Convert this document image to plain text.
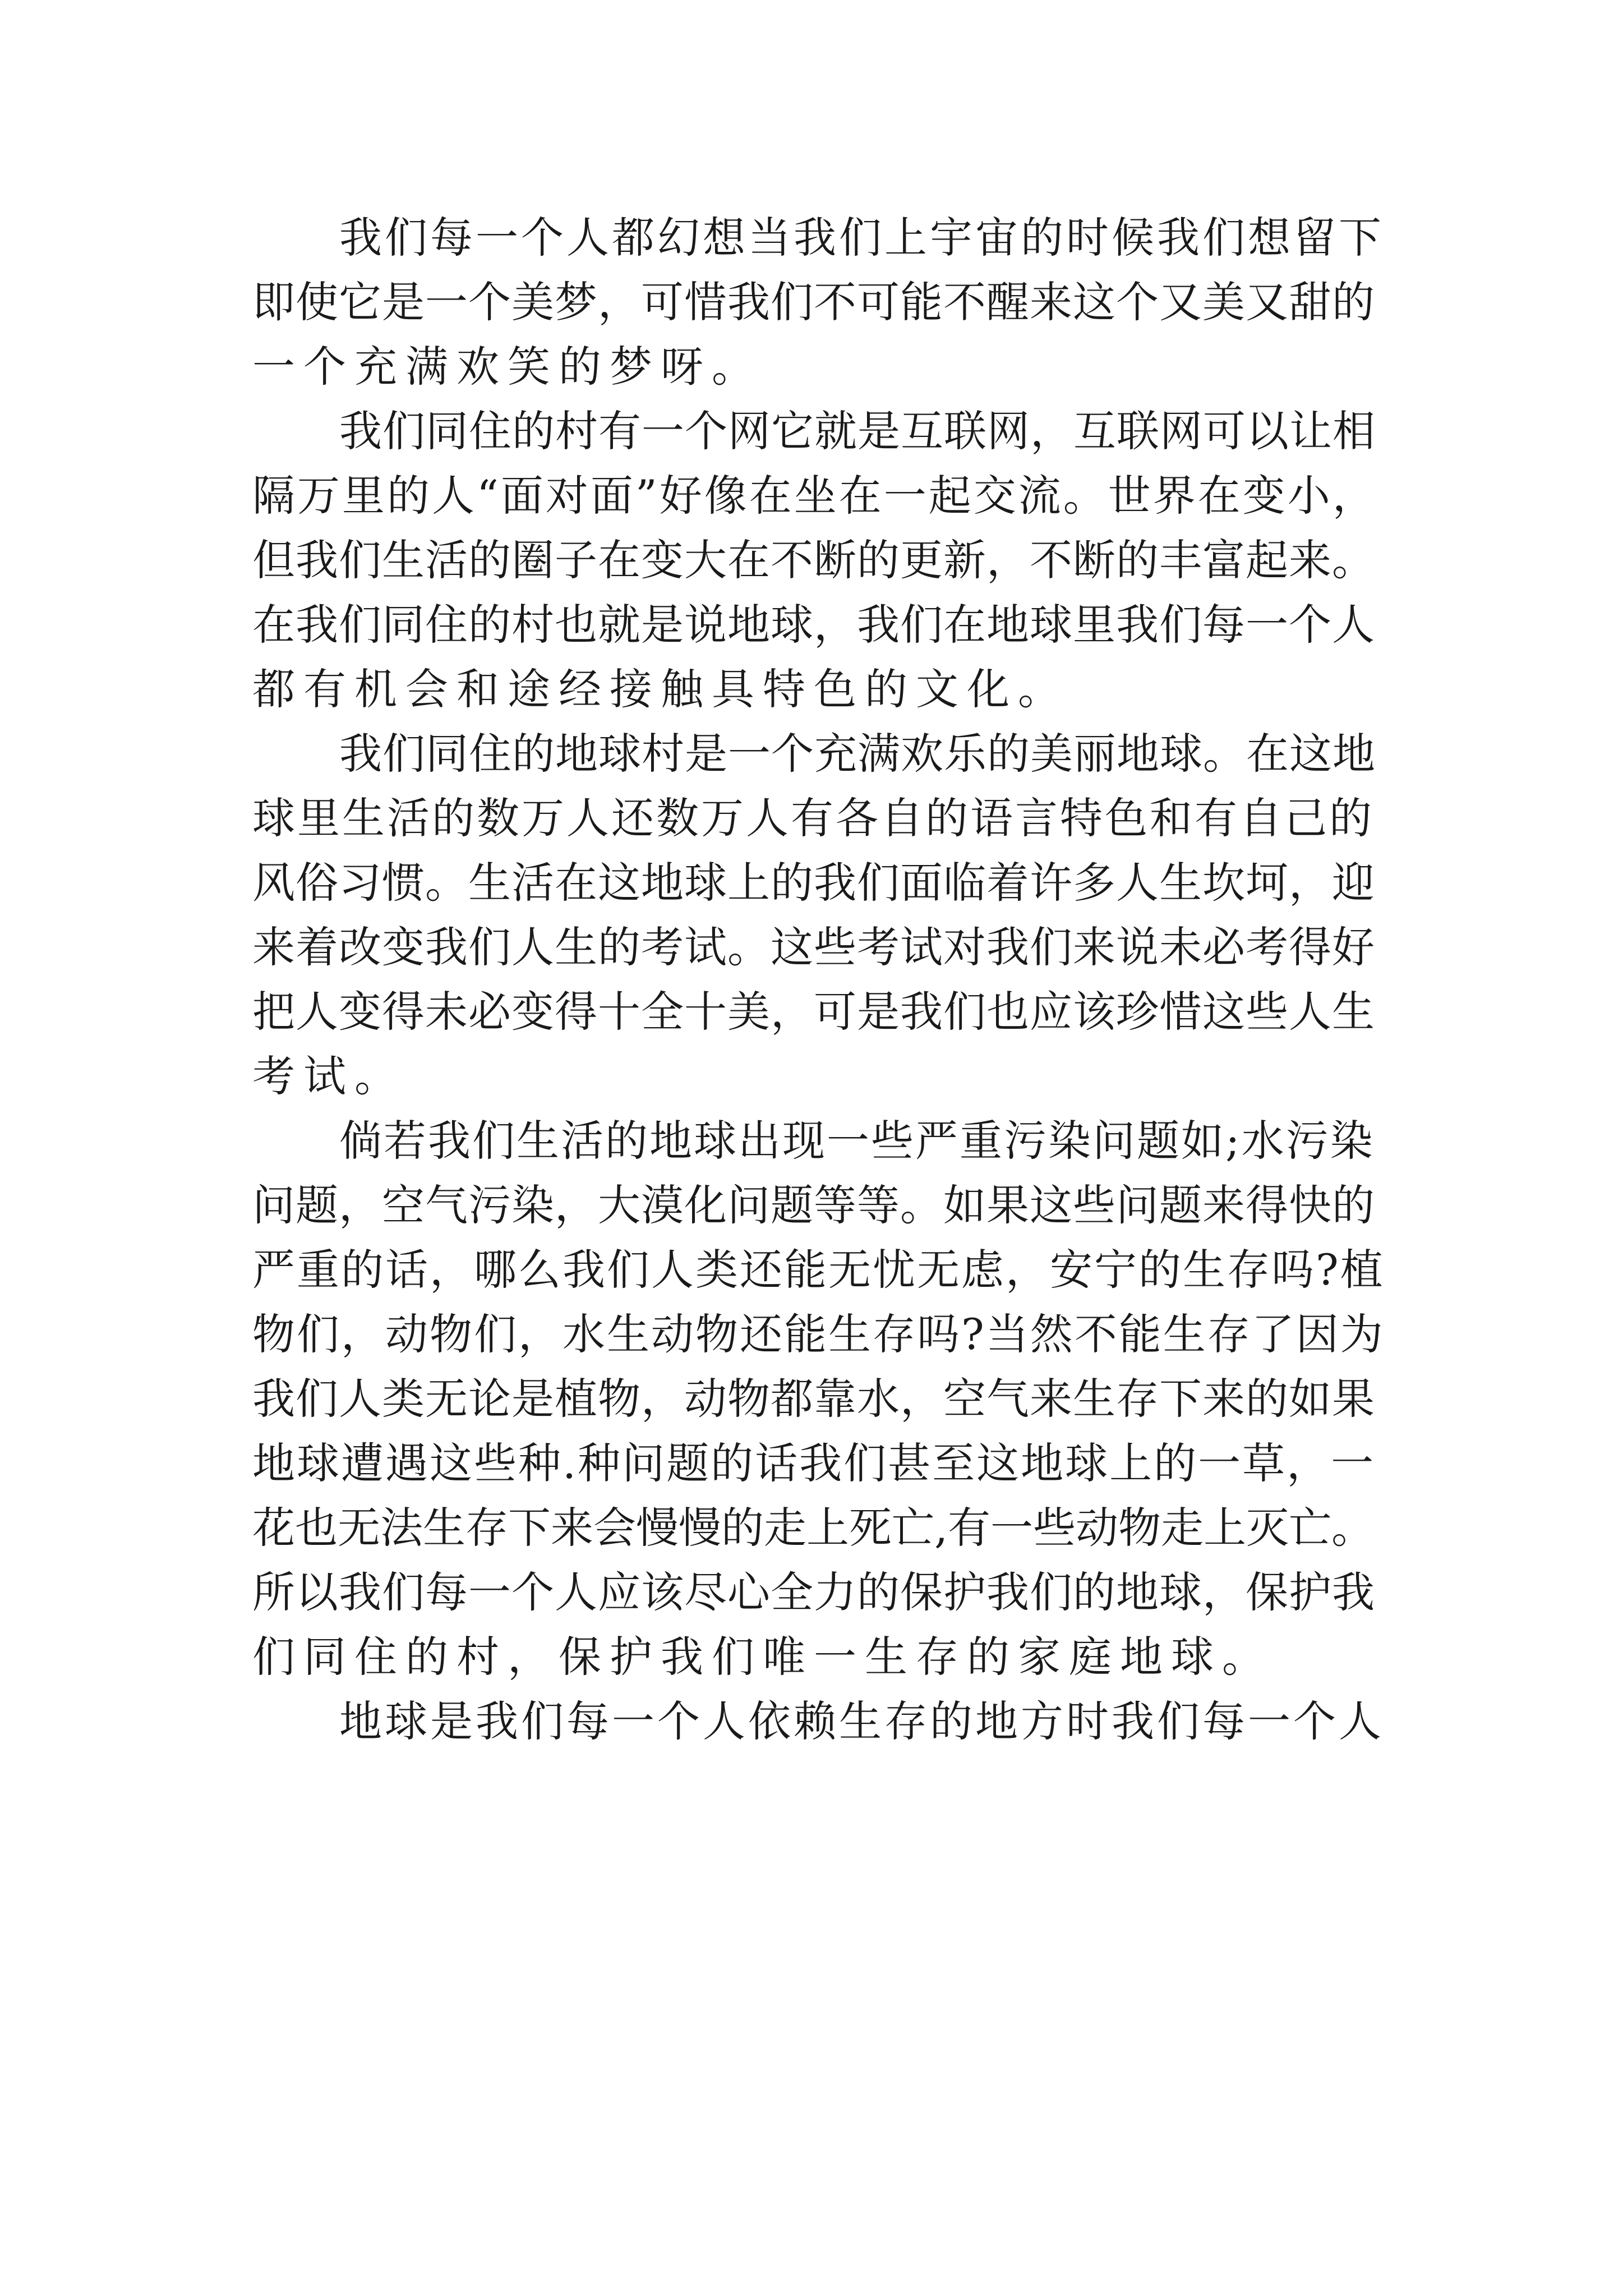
我们每一个人都幻想当我们上宇宙的时候我们想留下
即使它是一个美梦，可惜我们不可能不醒来这个又美又甜的
一个充满欢笑的梦呀。
我们同住的村有一个网它就是互联网，互联网可以让相
隔万里的人“面对面”好像在坐在一起交流。世界在变小，
但我们生活的圈子在变大在不断的更新，不断的丰富起来。
在我们同住的村也就是说地球，我们在地球里我们每一个人
都有机会和途经接触具特色的文化。
我们同住的地球村是一个充满欢乐的美丽地球。在这地
球里生活的数万人还数万人有各自的语言特色和有自己的
风俗习惯。生活在这地球上的我们面临着许多人生坎坷，迎
来着改变我们人生的考试。这些考试对我们来说未必考得好
把人变得未必变得十全十美，可是我们也应该珍惜这些人生
考试。
倘若我们生活的地球出现一些严重污染问题如;水污染
问题，空气污染，大漠化问题等等。如果这些问题来得快的
严重的话，哪么我们人类还能无忧无虑，安宁的生存吗?植
物们，动物们，水生动物还能生存吗?当然不能生存了因为
我们人类无论是植物，动物都靠水，空气来生存下来的如果
地球遭遇这些种.种问题的话我们甚至这地球上的一草，一
花也无法生存下来会慢慢的走上死亡,有一些动物走上灭亡。
所以我们每一个人应该尽心全力的保护我们的地球，保护我
们同住的村，保护我们唯一生存的家庭地球。
地球是我们每一个人依赖生存的地方时我们每一个人
